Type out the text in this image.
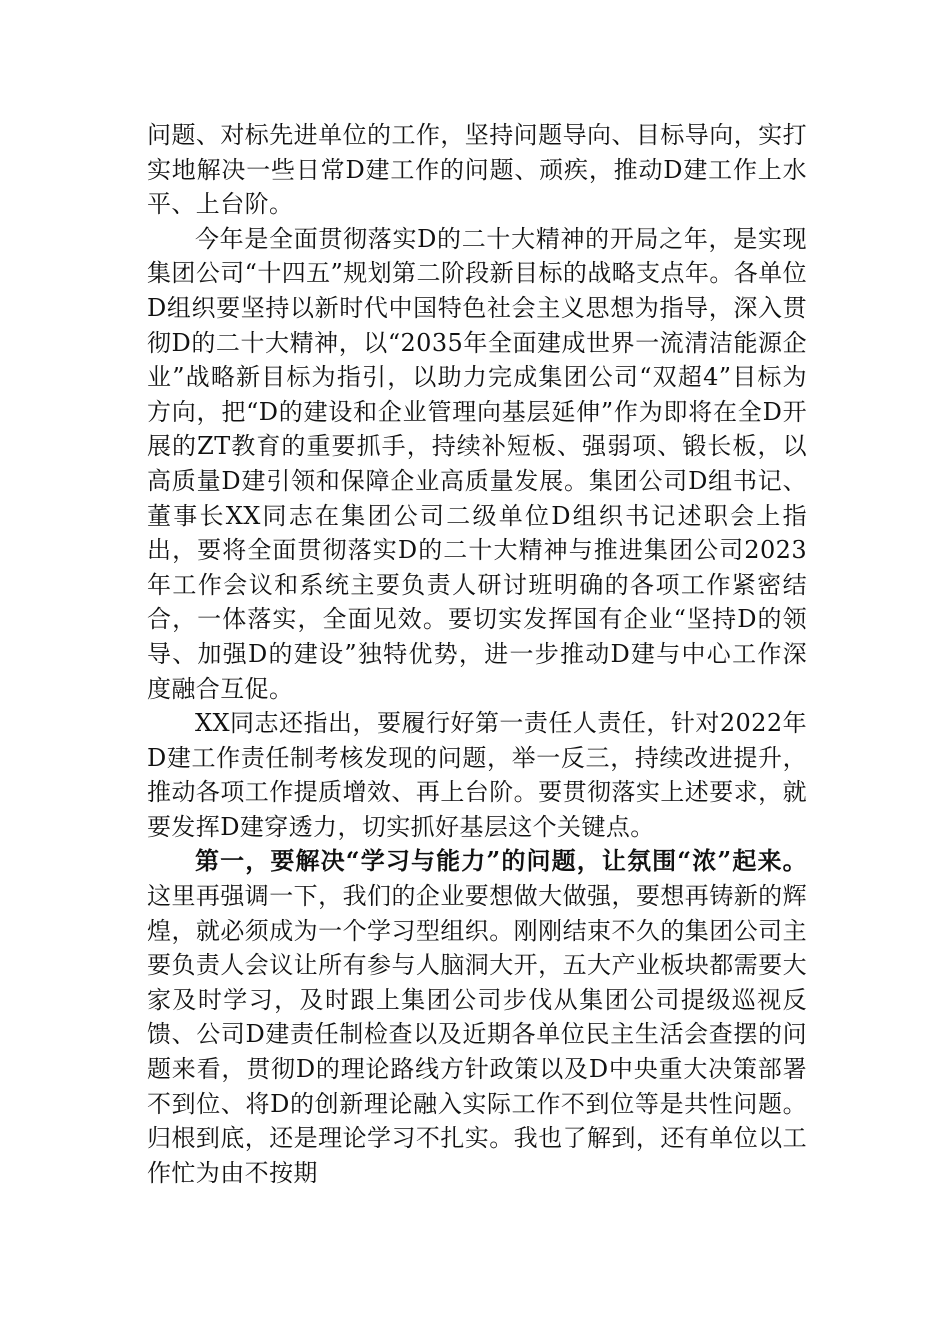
问题、对标先进单位的工作，坚持问题导向、目标导向，实打实地解决一些日常D建工作的问题、顽疾，推动D建工作上水平、上台阶。

今年是全面贯彻落实D的二十大精神的开局之年，是实现集团公司“十四五”规划第二阶段新目标的战略支点年。各单位D组织要坚持以新时代中国特色社会主义思想为指导，深入贯彻D的二十大精神，以“2035年全面建成世界一流清洁能源企业”战略新目标为指引，以助力完成集团公司“双超4”目标为方向，把“D的建设和企业管理向基层延伸”作为即将在全D开展的ZT教育的重要抓手，持续补短板、强弱项、锻长板，以高质量D建引领和保障企业高质量发展。集团公司D组书记、董事长XX同志在集团公司二级单位D组织书记述职会上指出，要将全面贯彻落实D的二十大精神与推进集团公司2023年工作会议和系统主要负责人研讨班明确的各项工作紧密结合，一体落实，全面见效。要切实发挥国有企业“坚持D的领导、加强D的建设”独特优势，进一步推动D建与中心工作深度融合互促。

XX同志还指出，要履行好第一责任人责任，针对2022年D建工作责任制考核发现的问题，举一反三，持续改进提升，推动各项工作提质增效、再上台阶。要贯彻落实上述要求，就要发挥D建穿透力，切实抓好基层这个关键点。

第一，要解决“学习与能力”的问题，让氛围“浓”起来。这里再强调一下，我们的企业要想做大做强，要想再铸新的辉煌，就必须成为一个学习型组织。刚刚结束不久的集团公司主要负责人会议让所有参与人脑洞大开，五大产业板块都需要大家及时学习，及时跟上集团公司步伐从集团公司提级巡视反馈、公司D建责任制检查以及近期各单位民主生活会查摆的问题来看，贯彻D的理论路线方针政策以及D中央重大决策部署不到位、将D的创新理论融入实际工作不到位等是共性问题。归根到底，还是理论学习不扎实。我也了解到，还有单位以工作忙为由不按期
